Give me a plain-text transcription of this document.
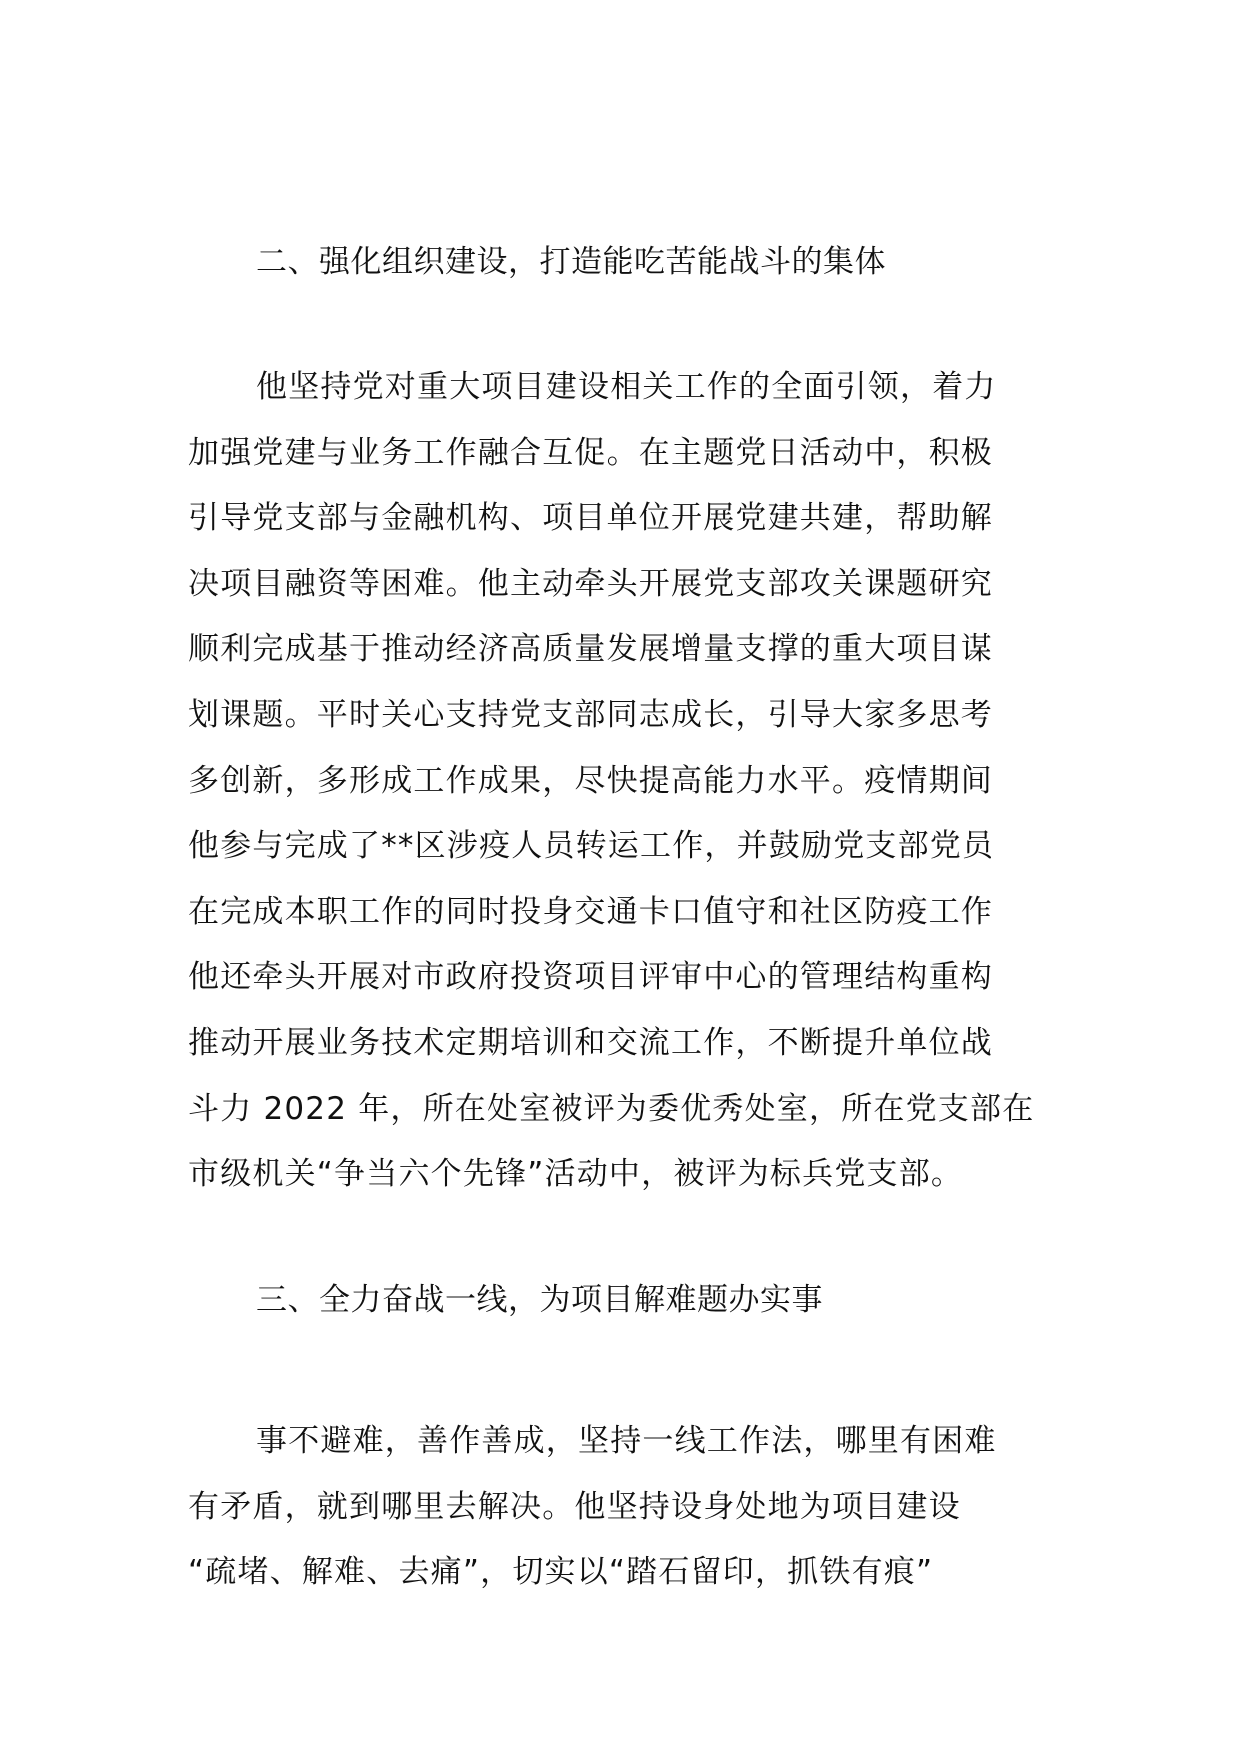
二、强化组织建设，打造能吃苦能战斗的集体
他坚持党对重大项目建设相关工作的全面引领，着力
加强党建与业务工作融合互促。在主题党日活动中，积极
引导党支部与金融机构、项目单位开展党建共建，帮助解
决项目融资等困难。他主动牵头开展党支部攻关课题研究
顺利完成基于推动经济高质量发展增量支撑的重大项目谋
划课题。平时关心支持党支部同志成长，引导大家多思考
多创新，多形成工作成果，尽快提高能力水平。疫情期间
他参与完成了**区涉疫人员转运工作，并鼓励党支部党员
在完成本职工作的同时投身交通卡口值守和社区防疫工作
他还牵头开展对市政府投资项目评审中心的管理结构重构
推动开展业务技术定期培训和交流工作，不断提升单位战
斗力 2022 年，所在处室被评为委优秀处室，所在党支部在
市级机关“争当六个先锋”活动中，被评为标兵党支部。
三、全力奋战一线，为项目解难题办实事
事不避难，善作善成，坚持一线工作法，哪里有困难
有矛盾，就到哪里去解决。他坚持设身处地为项目建设
“疏堵、解难、去痛”，切实以“踏石留印，抓铁有痕”
